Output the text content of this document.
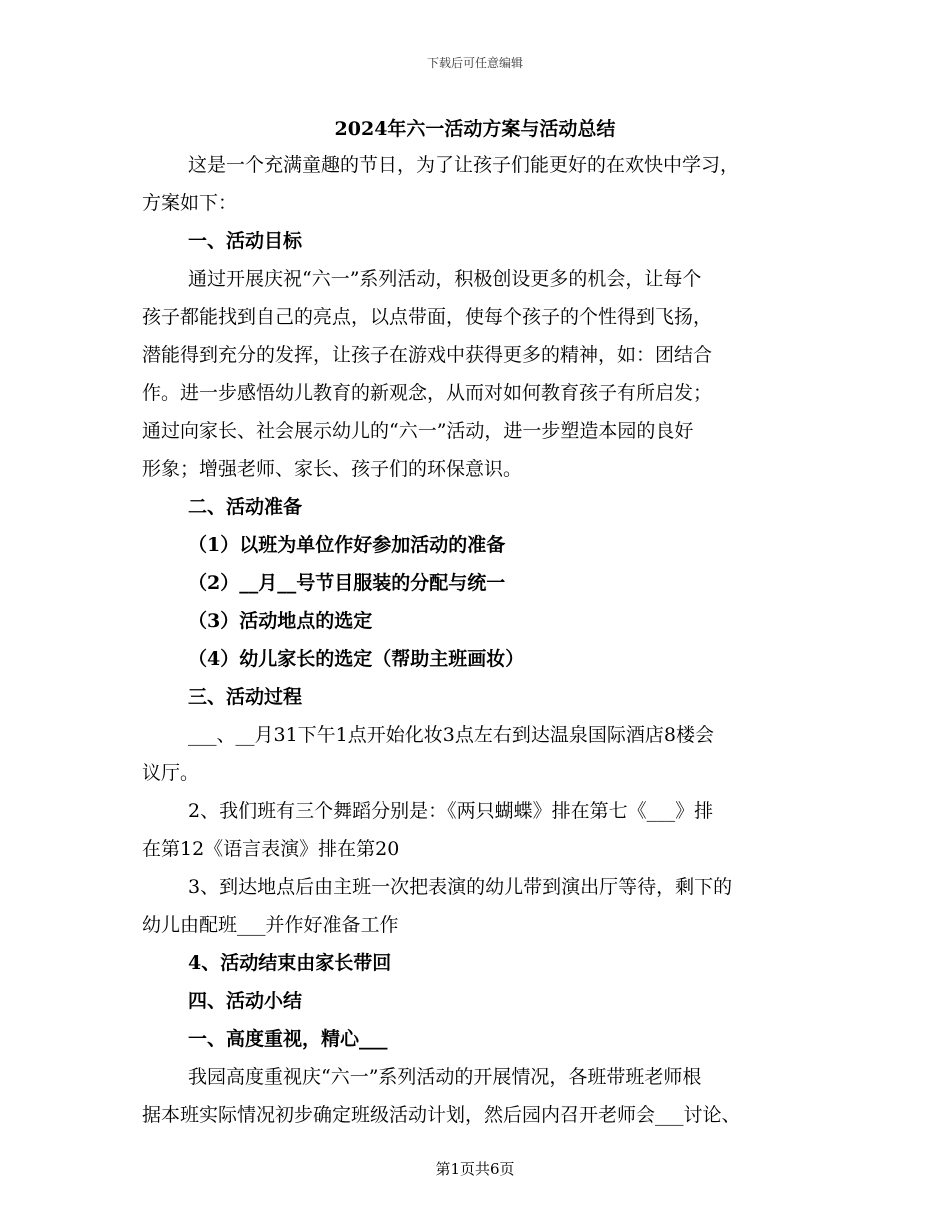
下载后可任意编辑
2024年六一活动方案与活动总结

这是一个充满童趣的节日，为了让孩子们能更好的在欢快中学习，

方案如下：

一、活动目标

通过开展庆祝“六一”系列活动，积极创设更多的机会，让每个

孩子都能找到自己的亮点，以点带面，使每个孩子的个性得到飞扬，

潜能得到充分的发挥，让孩子在游戏中获得更多的精神，如：团结合

作。进一步感悟幼儿教育的新观念，从而对如何教育孩子有所启发；

通过向家长、社会展示幼儿的“六一”活动，进一步塑造本园的良好

形象；增强老师、家长、孩子们的环保意识。

二、活动准备

（1）以班为单位作好参加活动的准备

（2）__月__号节目服装的分配与统一

（3）活动地点的选定

（4）幼儿家长的选定（帮助主班画妆）

三、活动过程

___、__月31下午1点开始化妆3点左右到达温泉国际酒店8楼会

议厅。

2、我们班有三个舞蹈分别是：《两只蝴蝶》排在第七《___》排

在第12《语言表演》排在第20

3、到达地点后由主班一次把表演的幼儿带到演出厅等待，剩下的

幼儿由配班___并作好准备工作

4、活动结束由家长带回

四、活动小结

一、高度重视，精心___

我园高度重视庆“六一”系列活动的开展情况，各班带班老师根

据本班实际情况初步确定班级活动计划，然后园内召开老师会___讨论、

第1页共6页
